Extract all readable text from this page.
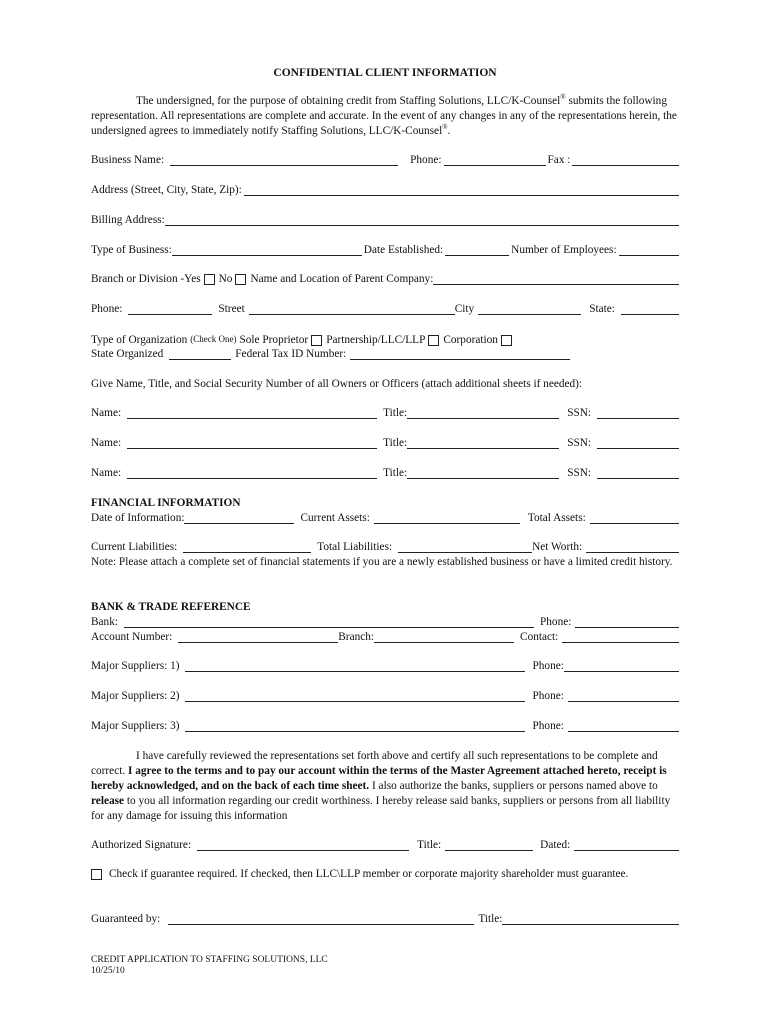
CONFIDENTIAL CLIENT INFORMATION
The undersigned, for the purpose of obtaining credit from Staffing Solutions, LLC/K-Counsel® submits the following representation. All representations are complete and accurate. In the event of any changes in any of the representations herein, the undersigned agrees to immediately notify Staffing Solutions, LLC/K-Counsel®.
Business Name:	Phone:	Fax :
Address (Street, City, State, Zip):
Billing Address:
Type of Business:	Date Established:	Number of Employees:
Branch or Division -Yes No Name and Location of Parent Company:
Phone:	Street	City	State:
Type of Organization (Check One) Sole Proprietor Partnership/LLC/LLP Corporation
State Organized	Federal Tax ID Number:
Give Name, Title, and Social Security Number of all Owners or Officers (attach additional sheets if needed):
Name:	Title:	SSN:
Name:	Title:	SSN:
Name:	Title:	SSN:
FINANCIAL INFORMATION
Date of Information:	Current Assets:	Total Assets:
Current Liabilities:	Total Liabilities:	Net Worth:
Note: Please attach a complete set of financial statements if you are a newly established business or have a limited credit history.
BANK & TRADE REFERENCE
Bank:	Phone:
Account Number:	Branch:	Contact:
Major Suppliers: 1)	Phone:
Major Suppliers: 2)	Phone:
Major Suppliers: 3)	Phone:
I have carefully reviewed the representations set forth above and certify all such representations to be complete and correct. I agree to the terms and to pay our account within the terms of the Master Agreement attached hereto, receipt is hereby acknowledged, and on the back of each time sheet. I also authorize the banks, suppliers or persons named above to release to you all information regarding our credit worthiness. I hereby release said banks, suppliers or persons from all liability for any damage for issuing this information
Authorized Signature:	Title:	Dated:
Check if guarantee required. If checked, then LLC\LLP member or corporate majority shareholder must guarantee.
Guaranteed by:	Title:
CREDIT APPLICATION TO STAFFING SOLUTIONS, LLC
10/25/10
